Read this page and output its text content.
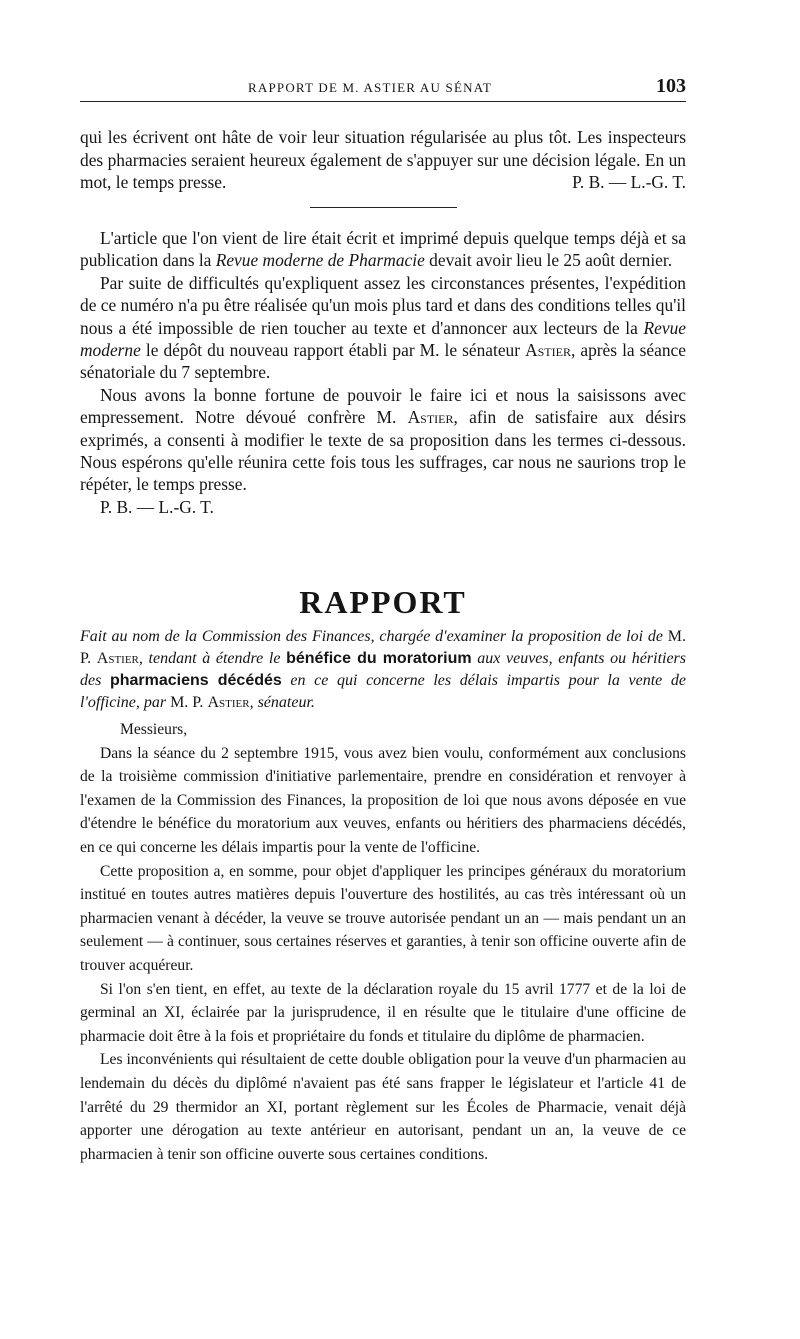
RAPPORT DE M. ASTIER AU SÉNAT	103

qui les écrivent ont hâte de voir leur situation régularisée au plus tôt. Les inspecteurs des pharmacies seraient heureux également de s'appuyer sur une décision légale. En un mot, le temps presse.	P. B. — L.-G. T.

L'article que l'on vient de lire était écrit et imprimé depuis quelque temps déjà et sa publication dans la Revue moderne de Pharmacie devait avoir lieu le 25 août dernier.

Par suite de difficultés qu'expliquent assez les circonstances présentes, l'expédition de ce numéro n'a pu être réalisée qu'un mois plus tard et dans des conditions telles qu'il nous a été impossible de rien toucher au texte et d'annoncer aux lecteurs de la Revue moderne le dépôt du nouveau rapport établi par M. le sénateur Astier, après la séance sénatoriale du 7 septembre.

Nous avons la bonne fortune de pouvoir le faire ici et nous la saisissons avec empressement. Notre dévoué confrère M. Astier, afin de satisfaire aux désirs exprimés, a consenti à modifier le texte de sa proposition dans les termes ci-dessous. Nous espérons qu'elle réunira cette fois tous les suffrages, car nous ne saurions trop le répéter, le temps presse.

P. B. — L.-G. T.

RAPPORT
Fait au nom de la Commission des Finances, chargée d'examiner la proposition de loi de M. P. Astier, tendant à étendre le bénéfice du moratorium aux veuves, enfants ou héritiers des pharmaciens décédés en ce qui concerne les délais impartis pour la vente de l'officine, par M. P. Astier, sénateur.

Messieurs,

Dans la séance du 2 septembre 1915, vous avez bien voulu, conformément aux conclusions de la troisième commission d'initiative parlementaire, prendre en considération et renvoyer à l'examen de la Commission des Finances, la proposition de loi que nous avons déposée en vue d'étendre le bénéfice du moratorium aux veuves, enfants ou héritiers des pharmaciens décédés, en ce qui concerne les délais impartis pour la vente de l'officine.

Cette proposition a, en somme, pour objet d'appliquer les principes généraux du moratorium institué en toutes autres matières depuis l'ouverture des hostilités, au cas très intéressant où un pharmacien venant à décéder, la veuve se trouve autorisée pendant un an — mais pendant un an seulement — à continuer, sous certaines réserves et garanties, à tenir son officine ouverte afin de trouver acquéreur.

Si l'on s'en tient, en effet, au texte de la déclaration royale du 15 avril 1777 et de la loi de germinal an XI, éclairée par la jurisprudence, il en résulte que le titulaire d'une officine de pharmacie doit être à la fois et propriétaire du fonds et titulaire du diplôme de pharmacien.

Les inconvénients qui résultaient de cette double obligation pour la veuve d'un pharmacien au lendemain du décès du diplômé n'avaient pas été sans frapper le législateur et l'article 41 de l'arrêté du 29 thermidor an XI, portant règlement sur les Écoles de Pharmacie, venait déjà apporter une dérogation au texte antérieur en autorisant, pendant un an, la veuve de ce pharmacien à tenir son officine ouverte sous certaines conditions.
